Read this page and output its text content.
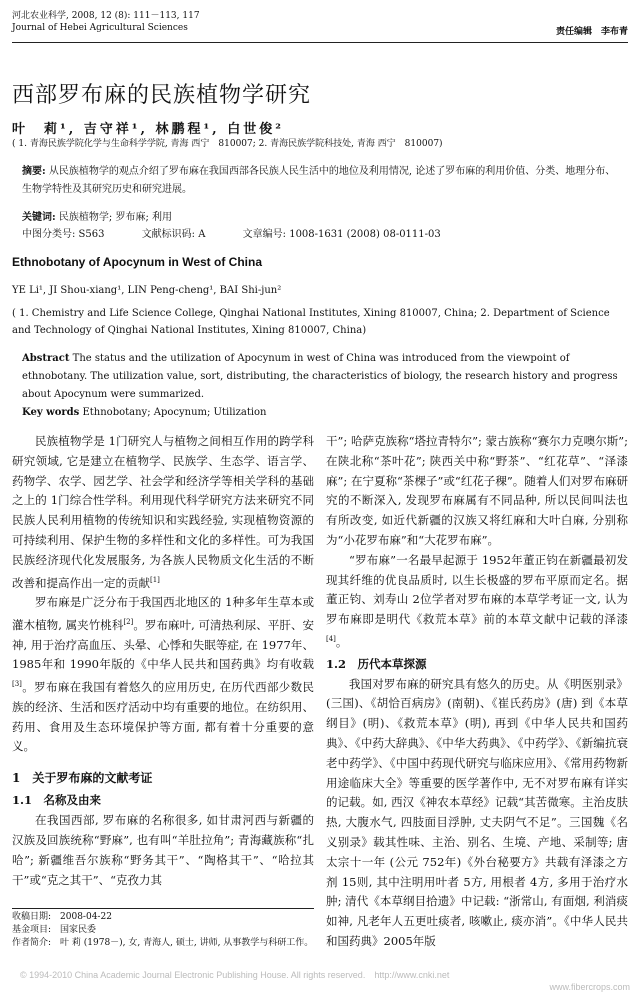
河北农业科学, 2008, 12 (8): 111－113, 117
Journal of Hebei Agricultural Sciences	责任编辑　李布青
西部罗布麻的民族植物学研究
叶　莉¹, 吉守祥¹, 林鹏程¹, 白世俊²
( 1. 青海民族学院化学与生命科学学院, 青海 西宁　810007; 2. 青海民族学院科技处, 青海 西宁　810007)
摘要: 从民族植物学的观点介绍了罗布麻在我国西部各民族人民生活中的地位及利用情况, 论述了罗布麻的利用价值、分类、地理分布、生物学特性及其研究历史和研究进展。
关键词: 民族植物学; 罗布麻; 利用
中图分类号: S563	文献标识码: A	文章编号: 1008-1631 (2008) 08-0111-03
Ethnobotany of Apocynum in West of China
YE Li¹, JI Shou-xiang¹, LIN Peng-cheng¹, BAI Shi-jun²
( 1. Chemistry and Life Science College, Qinghai National Institutes, Xining 810007, China; 2. Department of Science and Technology of Qinghai National Institutes, Xining 810007, China)
Abstract The status and the utilization of Apocynum in west of China was introduced from the viewpoint of ethnobotany. The utilization value, sort, distributing, the characteristics of biology, the research history and progress about Apocynum were summarized.
Key words Ethnobotany; Apocynum; Utilization

民族植物学是 1门研究人与植物之间相互作用的跨学科研究领域, 它是建立在植物学、民族学、生态学、语言学、药物学、农学、园艺学、社会学和经济学等相关学科的基础之上的 1门综合性学科。利用现代科学研究方法来研究不同民族人民利用植物的传统知识和实践经验, 实现植物资源的可持续利用、保护生物的多样性和文化的多样性。可为我国民族经济现代化发展服务, 为各族人民物质文化生活的不断改善和提高作出一定的贡献[1]

罗布麻是广泛分布于我国西北地区的 1种多年生草本或灌木植物, 属夹竹桃科[2]。罗布麻叶, 可清热利尿、平肝、安神, 用于治疗高血压、头晕、心悸和失眠等症, 在 1977年、1985年和 1990年版的《中华人民共和国药典》均有收载[3]。罗布麻在我国有着悠久的应用历史, 在历代西部少数民族的经济、生活和医疗活动中均有重要的地位。在纺织用、药用、食用及生态环境保护等方面, 都有着十分重要的意义。

1　关于罗布麻的文献考证
1.1　名称及由来

在我国西部, 罗布麻的名称很多, 如甘肃河西与新疆的汉族及回族统称“野麻”, 也有叫“羊肚拉角”; 青海藏族称“扎哈”; 新疆维吾尔族称“野务其干”、“陶格其干”、“哈拉其干”或“克之其干”、“克孜力其

干”; 哈萨克族称“塔拉青特尔”; 蒙古族称“赛尔力克噢尔斯”; 在陕北称“茶叶花”; 陕西关中称“野茶”、“红花草”、“泽漆麻”; 在宁夏称“茶棵子”或“红花子稞”。随着人们对罗布麻研究的不断深入, 发现罗布麻属有不同品种, 所以民间叫法也有所改变, 如近代新疆的汉族又将红麻和大叶白麻, 分别称为“小花罗布麻”和“大花罗布麻”。

“罗布麻”一名最早起源于 1952年董正钧在新疆最初发现其纤维的优良品质时, 以生长极盛的罗布平原而定名。据董正钧、刘寿山 2位学者对罗布麻的本草学考证一文, 认为罗布麻即是明代《救荒本草》前的本草文献中记载的泽漆[4]。

1.2　历代本草探源

我国对罗布麻的研究具有悠久的历史。从《明医别录》(三国)、《胡恰百病房》(南朝)、《崔氏药房》(唐) 到《本草纲目》(明)、《救荒本草》(明), 再到《中华人民共和国药典》、《中药大辞典》、《中华大药典》、《中药学》、《新编抗衰老中药学》、《中国中药现代研究与临床应用》、《常用药物新用途临床大全》等重要的医学著作中, 无不对罗布麻有详实的记载。如, 西汉《神农本草经》记载“其苦微寒。主治皮肤热, 大腹水气, 四肢面目浮肿, 丈夫阴气不足”。三国魏《名义别录》载其性味、主治、别名、生境、产地、采制等; 唐太宗十一年 (公元 752年)《外台秘要方》共载有泽漆之方剂 15则, 其中注明用叶者 5方, 用根者 4方, 多用于治疗水肿; 清代《本草纲目拾遗》中记载: “浙常山, 有面烟, 利消痰如神, 凡老年人五更吐痰者, 咳嗽止, 痰亦消”。《中华人民共和国药典》2005年版

收稿日期:　2008-04-22
基金项目:　国家民委
作者简介:　叶 莉 (1978－), 女, 青海人, 硕士, 讲师, 从事教学与科研工作。
© 1994-2010 China Academic Journal Electronic Publishing House. All rights reserved.　http://www.cnki.net
www.fibercrops.com
